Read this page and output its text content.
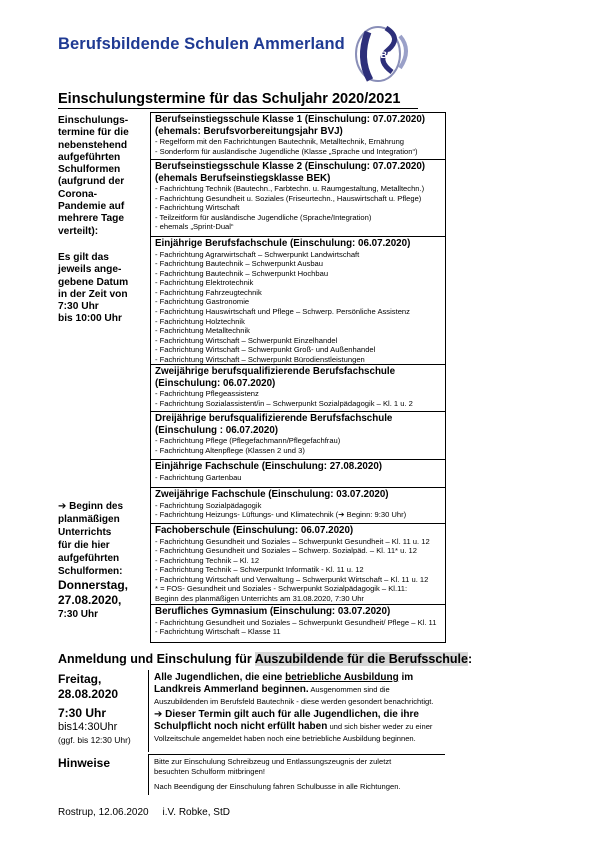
Berufsbildende Schulen Ammerland
BBS
Einschulungstermine für das Schuljahr 2020/2021
Einschulungs-
termine für die
nebenstehend
aufgeführten
Schulformen
(aufgrund der
Corona-
Pandemie auf
mehrere Tage
verteilt):
Es gilt das
jeweils ange-
gebene Datum
in der Zeit von
7:30 Uhr
bis 10:00 Uhr
Berufseinstiegsschule Klasse 1 (Einschulung: 07.07.2020)
(ehemals: Berufsvorbereitungsjahr BVJ)
- Regelform mit den Fachrichtungen Bautechnik, Metalltechnik, Ernährung
- Sonderform für ausländische Jugendliche (Klasse „Sprache und Integration“)
Berufseinstiegsschule Klasse 2 (Einschulung: 07.07.2020)
(ehemals Berufseinstiegsklasse BEK)
- Fachrichtung Technik (Bautechn., Farbtechn. u. Raumgestaltung, Metalltechn.)
- Fachrichtung Gesundheit u. Soziales (Friseurtechn., Hauswirtschaft u. Pflege)
- Fachrichtung Wirtschaft
- Teilzeitform für ausländische Jugendliche (Sprache/Integration)
- ehemals „Sprint-Dual“
Einjährige Berufsfachschule (Einschulung: 06.07.2020)
- Fachrichtung Agrarwirtschaft – Schwerpunkt Landwirtschaft
- Fachrichtung Bautechnik – Schwerpunkt Ausbau
- Fachrichtung Bautechnik – Schwerpunkt Hochbau
- Fachrichtung Elektrotechnik
- Fachrichtung Fahrzeugtechnik
- Fachrichtung Gastronomie
- Fachrichtung Hauswirtschaft und Pflege – Schwerp. Persönliche Assistenz
- Fachrichtung Holztechnik
- Fachrichtung Metalltechnik
- Fachrichtung Wirtschaft – Schwerpunkt Einzelhandel
- Fachrichtung Wirtschaft – Schwerpunkt Groß- und Außenhandel
- Fachrichtung Wirtschaft – Schwerpunkt Bürodienstleistungen
Zweijährige berufsqualifizierende Berufsfachschule
(Einschulung: 06.07.2020)
- Fachrichtung Pflegeassistenz
- Fachrichtung Sozialassistent/in – Schwerpunkt Sozialpädagogik – Kl. 1 u. 2
Dreijährige berufsqualifizierende Berufsfachschule
(Einschulung : 06.07.2020)
- Fachrichtung Pflege (Pflegefachmann/Pflegefachfrau)
- Fachrichtung Altenpflege (Klassen 2 und 3)
Einjährige Fachschule (Einschulung: 27.08.2020)
- Fachrichtung Gartenbau
Zweijährige Fachschule (Einschulung: 03.07.2020)
- Fachrichtung Sozialpädagogik
- Fachrichtung Heizungs- Lüftungs- und Klimatechnik (➔ Beginn: 9:30 Uhr)
Fachoberschule (Einschulung: 06.07.2020)
- Fachrichtung Gesundheit und Soziales – Schwerpunkt Gesundheit – Kl. 11 u. 12
- Fachrichtung Gesundheit und Soziales – Schwerp. Sozialpäd. – Kl. 11* u. 12
- Fachrichtung Technik – Kl. 12
- Fachrichtung Technik – Schwerpunkt Informatik - Kl. 11 u. 12
- Fachrichtung Wirtschaft und Verwaltung – Schwerpunkt Wirtschaft – Kl. 11 u. 12
* = FOS- Gesundheit und Soziales - Schwerpunkt Sozialpädagogik – Kl.11:
Beginn des planmäßigen Unterrichts am 31.08.2020, 7:30 Uhr
Berufliches Gymnasium (Einschulung: 03.07.2020)
- Fachrichtung Gesundheit und Soziales – Schwerpunkt Gesundheit/ Pflege – Kl. 11
- Fachrichtung Wirtschaft – Klasse 11
➔ Beginn des
planmäßigen
Unterrichts
für die hier
aufgeführten
Schulformen:
Donnerstag,
27.08.2020,
7:30 Uhr
Anmeldung und Einschulung für Auszubildende für die Berufsschule:
Freitag,
28.08.2020
7:30 Uhr
bis14:30Uhr
(ggf. bis 12:30 Uhr)
Alle Jugendlichen, die eine betriebliche Ausbildung im Landkreis Ammerland beginnen. Ausgenommen sind die Auszubildenden im Berufsfeld Bautechnik - diese werden gesondert benachrichtigt.
➔ Dieser Termin gilt auch für alle Jugendlichen, die ihre Schulpflicht noch nicht erfüllt haben und sich bisher weder zu einer Vollzeitschule angemeldet haben noch eine betriebliche Ausbildung beginnen.
Hinweise	Bitte zur Einschulung Schreibzeug und Entlassungszeugnis der zuletzt
besuchten Schulform mitbringen!
Nach Beendigung der Einschulung fahren Schulbusse in alle Richtungen.
Rostrup, 12.06.2020     i.V. Robke, StD
